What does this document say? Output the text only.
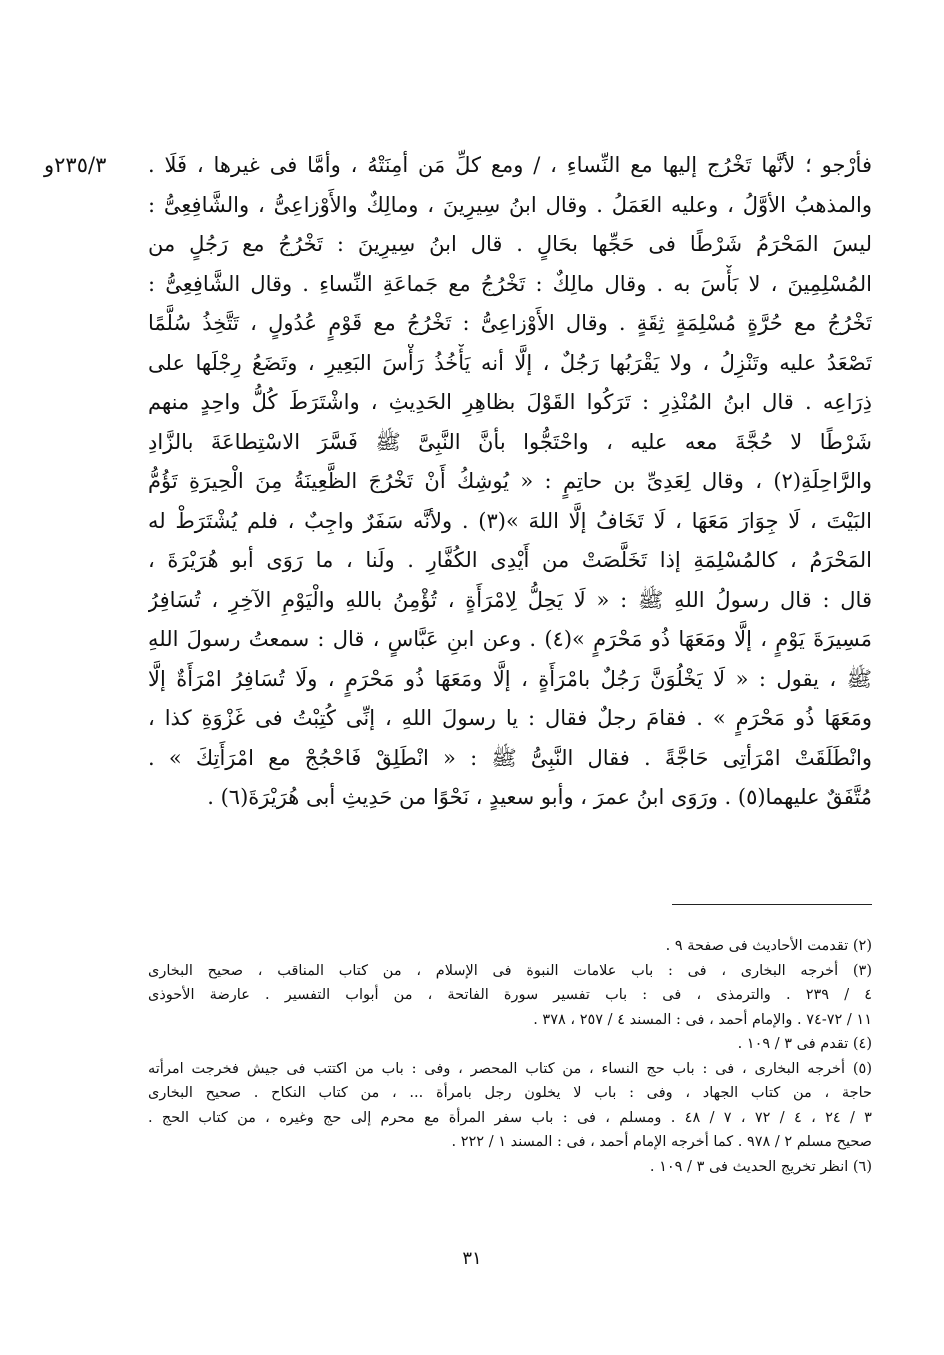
٢٣٥/٣و	فأرْجو ؛ لأنَّها تَخْرُج إليها مع النِّساءِ ، / ومع كلِّ مَن أمِنَتْهُ ، وأمَّا فى غيرها ، فَلَا .
والمذهبُ الأوَّلُ ، وعليه العَمَلُ . وقال ابنُ سِيرِينَ ، ومالِكٌ والأَوْزاعِىُّ ، والشَّافِعِىُّ :
ليسَ المَحْرَمُ شَرْطًا فى حَجِّها بحَالٍ . قال ابنُ سِيرِينَ : تَخْرُجُ مع رَجُلٍ من
المُسْلِمِينَ ، لا بَأْسَ به . وقال مالِكٌ : تَخْرُجُ مع جَماعَةِ النِّساءِ . وقال الشَّافِعِىُّ :
تَخْرُجُ مع حُرَّةٍ مُسْلِمَةٍ ثِقَةٍ . وقال الأَوْزاعِىُّ : تَخْرُجُ مع قَوْمٍ عُدُولٍ ، تَتَّخِذُ سُلَّمًا
تَصْعَدُ عليه وتَنْزِلُ ، ولا يَقْرَبُها رَجُلٌ ، إلَّا أنه يَأْخُذُ رَأْسَ البَعِيرِ ، وتَضَعُ رِجْلَها على
ذِرَاعِه . قال ابنُ المُنْذِرِ : تَرَكُوا القَوْلَ بظاهِرِ الحَدِيثِ ، واشْتَرَطَ كُلُّ واحِدٍ منهم
شَرْطًا لا حُجَّةَ معه عليه ، واحْتَجُّوا بأنَّ النَّبِىَّ ﷺ فَسَّرَ الاسْتِطاعَةَ بالزَّادِ
والرَّاحِلَةِ(٢) ، وقال لِعَدِىِّ بن حاتِمٍ : « يُوشِكُ أَنْ تَخْرُجَ الظَّعِينَةُ مِنَ الْحِيرَةِ تَؤُمُّ
البَيْتَ ، لَا جِوَارَ مَعَهَا ، لَا تَخَافُ إلَّا اللهَ »(٣) . ولأنَّه سَفَرٌ واجِبٌ ، فلم يُشْتَرَطْ له
المَحْرَمُ ، كالمُسْلِمَةِ إذا تَخَلَّصَتْ من أَيْدِى الكُفَّارِ . ولَنا ، ما رَوَى أبو هُرَيْرَةَ ،
قال : قال رسولُ اللهِ ﷺ : « لَا يَحِلُّ لِامْرَأَةٍ ، تُؤْمِنُ باللهِ والْيَوْمِ الآخِرِ ، تُسَافِرُ
مَسِيرَةَ يَوْمٍ ، إلَّا ومَعَهَا ذُو مَحْرَمٍ »(٤) . وعن ابنِ عَبَّاسٍ ، قال : سمعتُ رسولَ اللهِ
ﷺ ، يقول : « لَا يَخْلُوَنَّ رَجُلٌ بامْرَأَةٍ ، إلَّا ومَعَهَا ذُو مَحْرَمٍ ، ولَا تُسَافِرُ امْرَأَةٌ إلَّا
ومَعَهَا ذُو مَحْرَمٍ » . فقامَ رجلٌ فقال : يا رسولَ اللهِ ، إنِّى كُتِبْتُ فى غَزْوَةِ كذا ،
وانْطَلَقَتْ امْرَأتِى حَاجَّةً . فقال النَّبِىُّ ﷺ : « انْطَلِقْ فَاحْجُجْ مع امْرَأَتِكَ » .
مُتَّفَقٌ عليهما(٥) . ورَوَى ابنُ عمرَ ، وأبو سعيدٍ ، نَحْوًا من حَدِيثِ أبى هُرَيْرَةَ(٦) .
(٢) تقدمت الأحاديث فى صفحة ٩ .
(٣) أخرجه البخارى ، فى : باب علامات النبوة فى الإسلام ، من كتاب المناقب ، صحيح البخارى
٤ / ٢٣٩ . والترمذى ، فى : باب تفسير سورة الفاتحة ، من أبواب التفسير . عارضة الأحوذى
١١ / ٧٢-٧٤ . والإمام أحمد ، فى : المسند ٤ / ٢٥٧ ، ٣٧٨ .
(٤) تقدم فى ٣ / ١٠٩ .
(٥) أخرجه البخارى ، فى : باب حج النساء ، من كتاب المحصر ، وفى : باب من اكتتب فى جيش فخرجت امرأته
حاجة ، من كتاب الجهاد ، وفى : باب لا يخلون رجل بامرأة ... ، من كتاب النكاح . صحيح البخارى
٣ / ٢٤ ، ٤ / ٧٢ ، ٧ / ٤٨ . ومسلم ، فى : باب سفر المرأة مع محرم إلى حج وغيره ، من كتاب الحج .
صحيح مسلم ٢ / ٩٧٨ . كما أخرجه الإمام أحمد ، فى : المسند ١ / ٢٢٢ .
(٦) انظر تخريج الحديث فى ٣ / ١٠٩ .
٣١
